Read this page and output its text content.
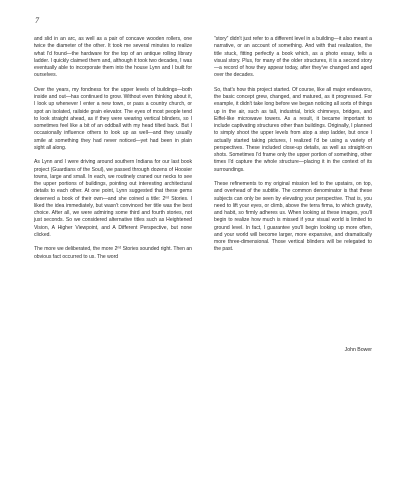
7

and slid in an arc, as well as a pair of concave wooden rollers, one twice the diameter of the other. It took me several minutes to realize what I'd found—the hardware for the top of an antique rolling library ladder. I quickly claimed them and, although it took two decades, I was eventually able to incorporate them into the house Lynn and I built for ourselves.

Over the years, my fondness for the upper levels of buildings—both inside and out—has continued to grow. Without even thinking about it, I look up whenever I enter a new town, or pass a country church, or spot an isolated, railside grain elevator. The eyes of most people tend to look straight ahead, as if they were wearing vertical blinders, so I sometimes feel like a bit of an oddball with my head tilted back. But I occasionally influence others to look up as well—and they usually smile at something they had never noticed—yet had been in plain sight all along.

As Lynn and I were driving around southern Indiana for our last book project (Guardians of the Soul), we passed through dozens of Hoosier towns, large and small. In each, we routinely craned our necks to see the upper portions of buildings, pointing out interesting architectural details to each other. At one point, Lynn suggested that these gems deserved a book of their own—and she coined a title: 2nd Stories. I liked the idea immediately, but wasn't convinced her title was the best choice. After all, we were admiring some third and fourth stories, not just seconds. So we considered alternative titles such as Heightened Vision, A Higher Viewpoint, and A Different Perspective, but none clicked.

The more we deliberated, the more 2nd Stories sounded right. Then an obvious fact occurred to us. The word

“story” didn't just refer to a different level in a building—it also meant a narrative, or an account of something. And with that realization, the title stuck, fitting perfectly a book which, as a photo essay, tells a visual story. Plus, for many of the older structures, it is a second story—a record of how they appear today, after they've changed and aged over the decades.

So, that's how this project started. Of course, like all major endeavors, the basic concept grew, changed, and matured, as it progressed. For example, it didn't take long before we began noticing all sorts of things up in the air, such as tall, industrial, brick chimneys, bridges, and Eiffel-like microwave towers. As a result, it became important to include captivating structures other than buildings. Originally, I planned to simply shoot the upper levels from atop a step ladder, but once I actually started taking pictures, I realized I'd be using a variety of perspectives. These included close-up details, as well as straight-on shots. Sometimes I'd frame only the upper portion of something, other times I'd capture the whole structure—placing it in the context of its surroundings.

These refinements to my original mission led to the upstairs, on top, and overhead of the subtitle. The common denominator is that these subjects can only be seen by elevating your perspective. That is, you need to lift your eyes, or climb, above the terra firma, to which gravity, and habit, so firmly adheres us. When looking at these images, you'll begin to realize how much is missed if your visual world is limited to ground level. In fact, I guarantee you'll begin looking up more often, and your world will become larger, more expansive, and dramatically more three-dimensional. Those vertical blinders will be relegated to the past.

John Bower
